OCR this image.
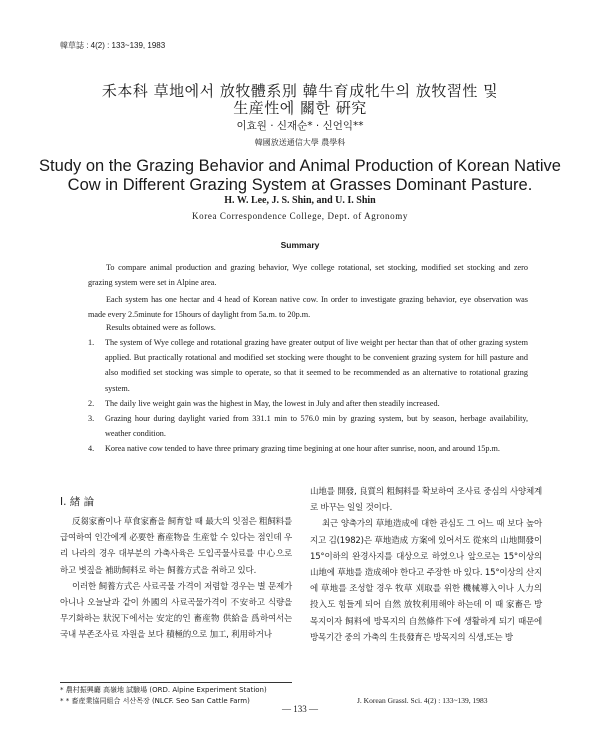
韓草誌 : 4(2) : 133~139, 1983
禾本科 草地에서 放牧體系別 韓牛育成牝牛의 放牧習性 및
生産性에 關한 硏究
이효원 · 신재순* · 신언익**
韓國放送通信大學 農學科
Study on the Grazing Behavior and Animal Production of Korean Native
Cow in Different Grazing System at Grasses Dominant Pasture.
H. W. Lee, J. S. Shin, and U. I. Shin
Korea Correspondence College, Dept. of Agronomy
Summary
To compare animal production and grazing behavior, Wye college rotational, set stocking, modified set stocking and zero grazing system were set in Alpine area.
Each system has one hectar and 4 head of Korean native cow. In order to investigate grazing behavior, eye observation was made every 2.5minute for 15hours of daylight from 5a.m. to 20p.m.
Results obtained were as follows.
1. The system of Wye college and rotational grazing have greater output of live weight per hectar than that of other grazing system applied. But practically rotational and modified set stocking were thought to be convenient grazing system for hill pasture and also modified set stocking was simple to operate, so that it seemed to be recommended as an alternative to rotational grazing system.
2. The daily live weight gain was the highest in May, the lowest in July and after then steadily increased.
3. Grazing hour during daylight varied from 331.1 min to 576.0 min by grazing system, but by season, herbage availability, weather condition.
4. Korea native cow tended to have three primary grazing time begining at one hour after sunrise, noon, and around 15p.m.
I. 緖 論

反芻家畜이나 草食家畜을 飼育할 때 最大의 잇점은 粗飼料를 급여하여 인간에게 必要한 畜産物을 生産할 수 있다는 점인데 우리 나라의 경우 대부분의 가축사육은 도입곡물사료를 中心으로 하고 볏짚을 補助飼料로 하는 飼養方式을 취하고 있다.

이러한 飼養方式은 사료곡물 가격이 저렴할 경우는 별 문제가 아니나 오늘날과 같이 外國의 사료곡물가격이 不安하고 식량을 무기화하는 狀況下에서는 安定的인 畜産物 供給을 爲하여서는 국내 부존조사료 자원을 보다 積極的으로 加工, 利用하거나

山地를 開發, 良質의 粗飼料를 확보하여 조사료 중심의 사양체계로 바꾸는 일일 것이다.

최근 양축가의 草地造成에 대한 관심도 그 어느 때 보다 높아지고 김(1982)은 草地造成 方案에 있어서도 從來의 山地開發이 15°이하의 완경사지를 대상으로 하였으나 앞으로는 15°이상의 山地에 草地를 造成해야 한다고 주장한 바 있다. 15°이상의 산지에 草地를 조성할 경우 牧草 刈取를 위한 機械導入이나 人力의 投入도 힘들게 되어 自然 放牧利用해야 하는데 이 때 家畜은 방목지이자 飼料에 방목지의 自然條件下에 생활하게 되기 때문에 방목기간 중의 가축의 生長發育은 방목지의 식생,또는 방

* 農村振興廳 高嶺地 試驗場 (ORD. Alpine Experiment Station)
* * 畜産業協同組合 서산목장 (NLCF. Seo San Cattle Farm)	J. Korean Grassl. Sci. 4(2) : 133~139, 1983
— 133 —
